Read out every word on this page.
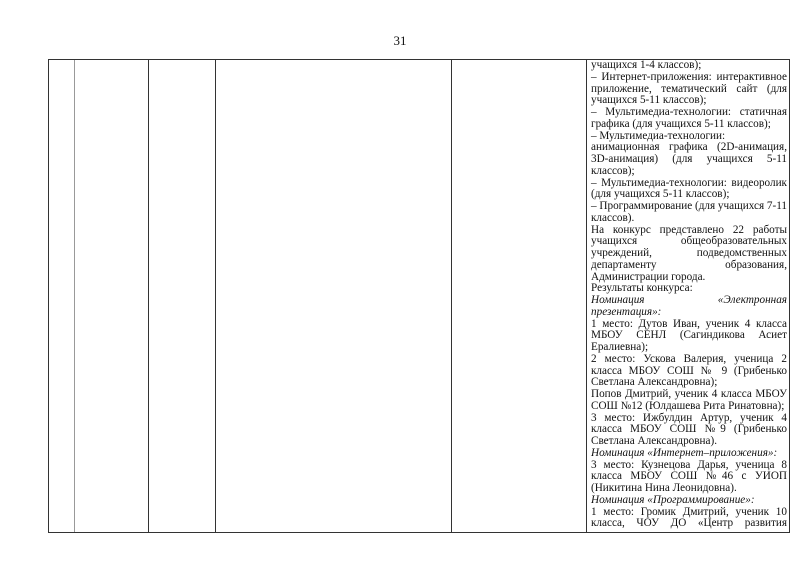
31

учащихся 1-4 классов);

– Интернет-приложения: интерактивное приложение, тематический сайт (для учащихся 5-11 классов);

– Мультимедиа-технологии: статичная графика (для учащихся 5-11 классов);

– Мультимедиа-технологии:

анимационная графика (2D-анимация, 3D-анимация) (для учащихся 5-11 классов);

– Мультимедиа-технологии: видеоролик (для учащихся 5-11 классов);

– Программирование (для учащихся 7-11 классов).

На конкурс представлено 22 работы учащихся общеобразовательных учреждений, подведомственных департаменту образования, Администрации города.

Результаты конкурса:

Номинация «Электронная презентация»:

1 место: Дутов Иван, ученик 4 класса МБОУ СЕНЛ (Сагиндикова Асиет Ералиевна);

2 место: Ускова Валерия, ученица 2 класса МБОУ СОШ № 9 (Грибенько Светлана Александровна);

Попов Дмитрий, ученик 4 класса МБОУ СОШ №12 (Юлдашева Рита Ринатовна);

3 место: Ижбулдин Артур, ученик 4 класса МБОУ СОШ №9 (Грибенько Светлана Александровна).

Номинация «Интернет–приложения»:

3 место: Кузнецова Дарья, ученица 8 класса МБОУ СОШ №46 с УИОП (Никитина Нина Леонидовна).

Номинация «Программирование»:

1 место: Громик Дмитрий, ученик 10 класса, ЧОУ ДО «Центр развития
